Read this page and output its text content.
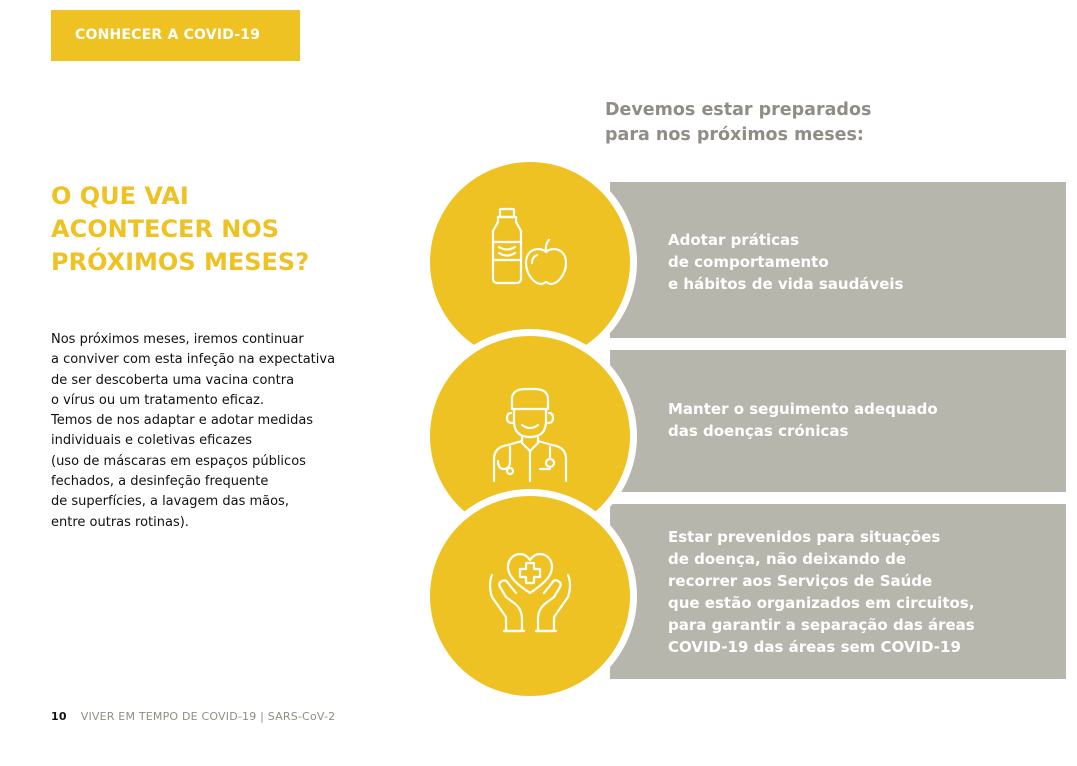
CONHECER A COVID-19
O QUE VAI
ACONTECER NOS
PRÓXIMOS MESES?
Nos próximos meses, iremos continuar
a conviver com esta infeção na expectativa
de ser descoberta uma vacina contra
o vírus ou um tratamento eficaz.
Temos de nos adaptar e adotar medidas
individuais e coletivas eficazes
(uso de máscaras em espaços públicos
fechados, a desinfeção frequente
de superfícies, a lavagem das mãos,
entre outras rotinas).
Devemos estar preparados
para nos próximos meses:
Adotar práticas
de comportamento
e hábitos de vida saudáveis
Manter o seguimento adequado
das doenças crónicas
Estar prevenidos para situações
de doença, não deixando de
recorrer aos Serviços de Saúde
que estão organizados em circuitos,
para garantir a separação das áreas
COVID-19 das áreas sem COVID-19
10 VIVER EM TEMPO DE COVID-19 | SARS-CoV-2
